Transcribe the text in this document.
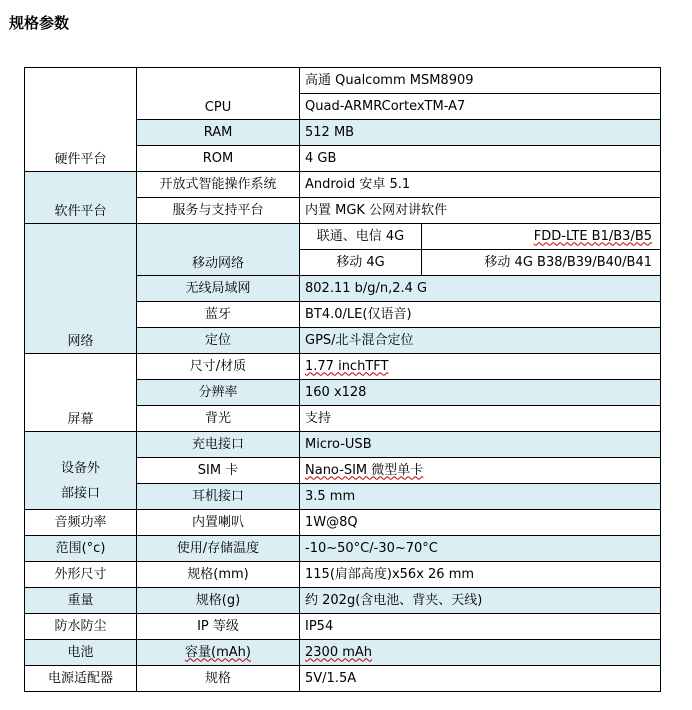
规格参数
硬件平台	CPU	高通 Qualcomm MSM8909	
		Quad-ARMRCortexTM-A7	
	RAM	512 MB	
	ROM	4 GB	
软件平台	开放式智能操作系统	Android 安卓 5.1	
	服务与支持平台	内置 MGK 公网对讲软件	
网络	移动网络	联通、电信 4G	FDD-LTE B1/B3/B5
		移动 4G	移动 4G B38/B39/B40/B41
	无线局域网	802.11 b/g/n,2.4 G	
	蓝牙	BT4.0/LE(仅语音)	
	定位	GPS/北斗混合定位	
屏幕	尺寸/材质	1.77 inchTFT	
	分辨率	160 x128	
	背光	支持	

设备外
部接口	充电接口	Micro-USB	
	SIM 卡	Nano-SIM 微型单卡	
	耳机接口	3.5 mm	
音频功率	内置喇叭	1W@8Q	
范围(°c)	使用/存储温度	-10~50°C/-30~70°C	
外形尺寸	规格(mm)	115(肩部高度)x56x 26 mm	
重量	规格(g)	约 202g(含电池、背夹、天线)	
防水防尘	IP 等级	IP54	
电池	容量(mAh)	2300 mAh	
电源适配器	规格	5V/1.5A	
